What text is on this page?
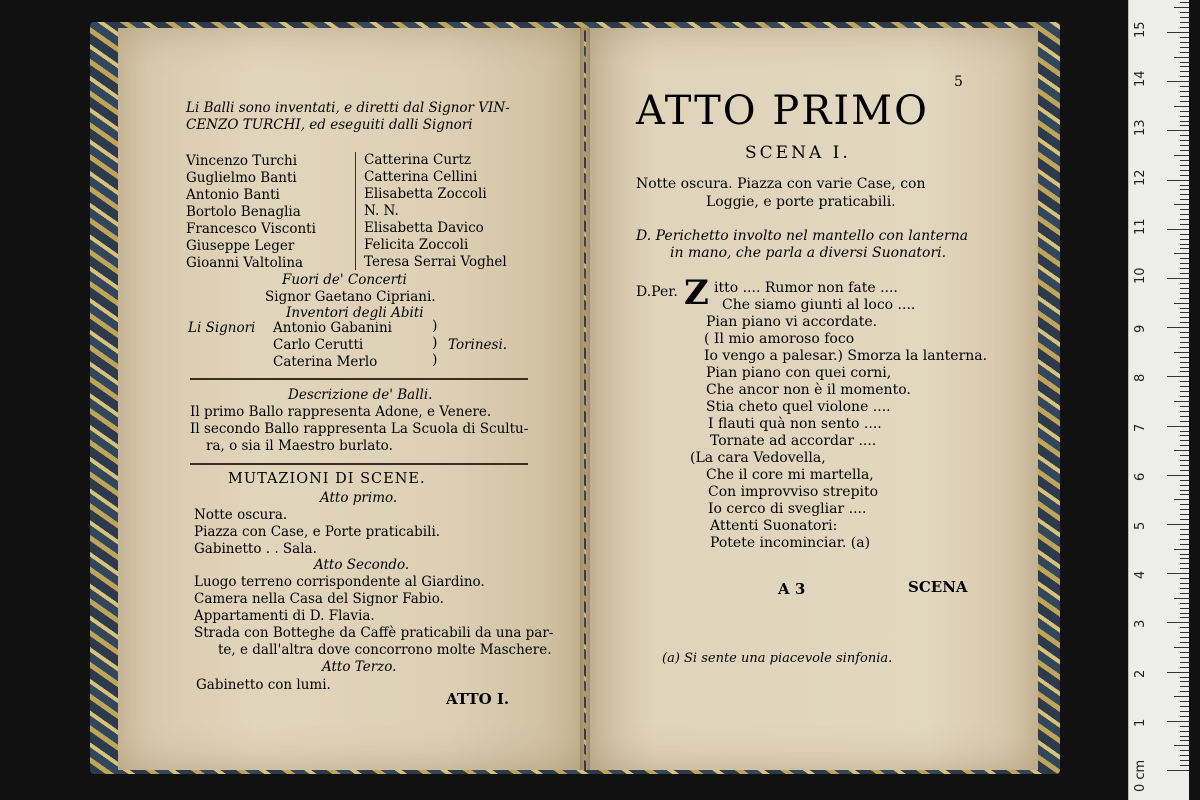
Li Balli sono inventati, e diretti dal Signor VIN-
CENZO TURCHI, ed eseguiti dalli Signori
Vincenzo Turchi
Guglielmo Banti
Antonio Banti
Bortolo Benaglia
Francesco Visconti
Giuseppe Leger
Gioanni Valtolina
Catterina Curtz
Catterina Cellini
Elisabetta Zoccoli
N. N.
Elisabetta Davico
Felicita Zoccoli
Teresa Serrai Voghel
Fuori de' Concerti
Signor Gaetano Cipriani.
Inventori degli Abiti
Li Signori Antonio Gabanini
Carlo Cerutti
Caterina Merlo
)
)
)
Torinesi.
Descrizione de' Balli.
Il primo Ballo rappresenta Adone, e Venere.
Il secondo Ballo rappresenta La Scuola di Scultu-
ra, o sia il Maestro burlato.
MUTAZIONI DI SCENE.
Atto primo.
Notte oscura.
Piazza con Case, e Porte praticabili.
Gabinetto . . Sala.
Atto Secondo.
Luogo terreno corrispondente al Giardino.
Camera nella Casa del Signor Fabio.
Appartamenti di D. Flavia.
Strada con Botteghe da Caffè praticabili da una par-
te, e dall'altra dove concorrono molte Maschere.
Atto Terzo.
Gabinetto con lumi.
ATTO I.
5
ATTO PRIMO
SCENA I.
Notte oscura. Piazza con varie Case, con
Loggie, e porte praticabili.
D. Perichetto involto nel mantello con lanterna
in mano, che parla a diversi Suonatori.
D.Per. Z itto .... Rumor non fate ....
Che siamo giunti al loco ....
Pian piano vi accordate.
( Il mio amoroso foco
Io vengo a palesar.) Smorza la lanterna.
Pian piano con quei corni,
Che ancor non è il momento.
Stia cheto quel violone ....
I flauti quà non sento ....
Tornate ad accordar ....
(La cara Vedovella,
Che il core mi martella,
Con improvviso strepito
Io cerco di svegliar ....
Attenti Suonatori:
Potete incominciar. (a)
A 3	SCENA
(a) Si sente una piacevole sinfonia.
0 cm
1
2
3
4
5
6
7
8
9
10
11
12
13
14
15
